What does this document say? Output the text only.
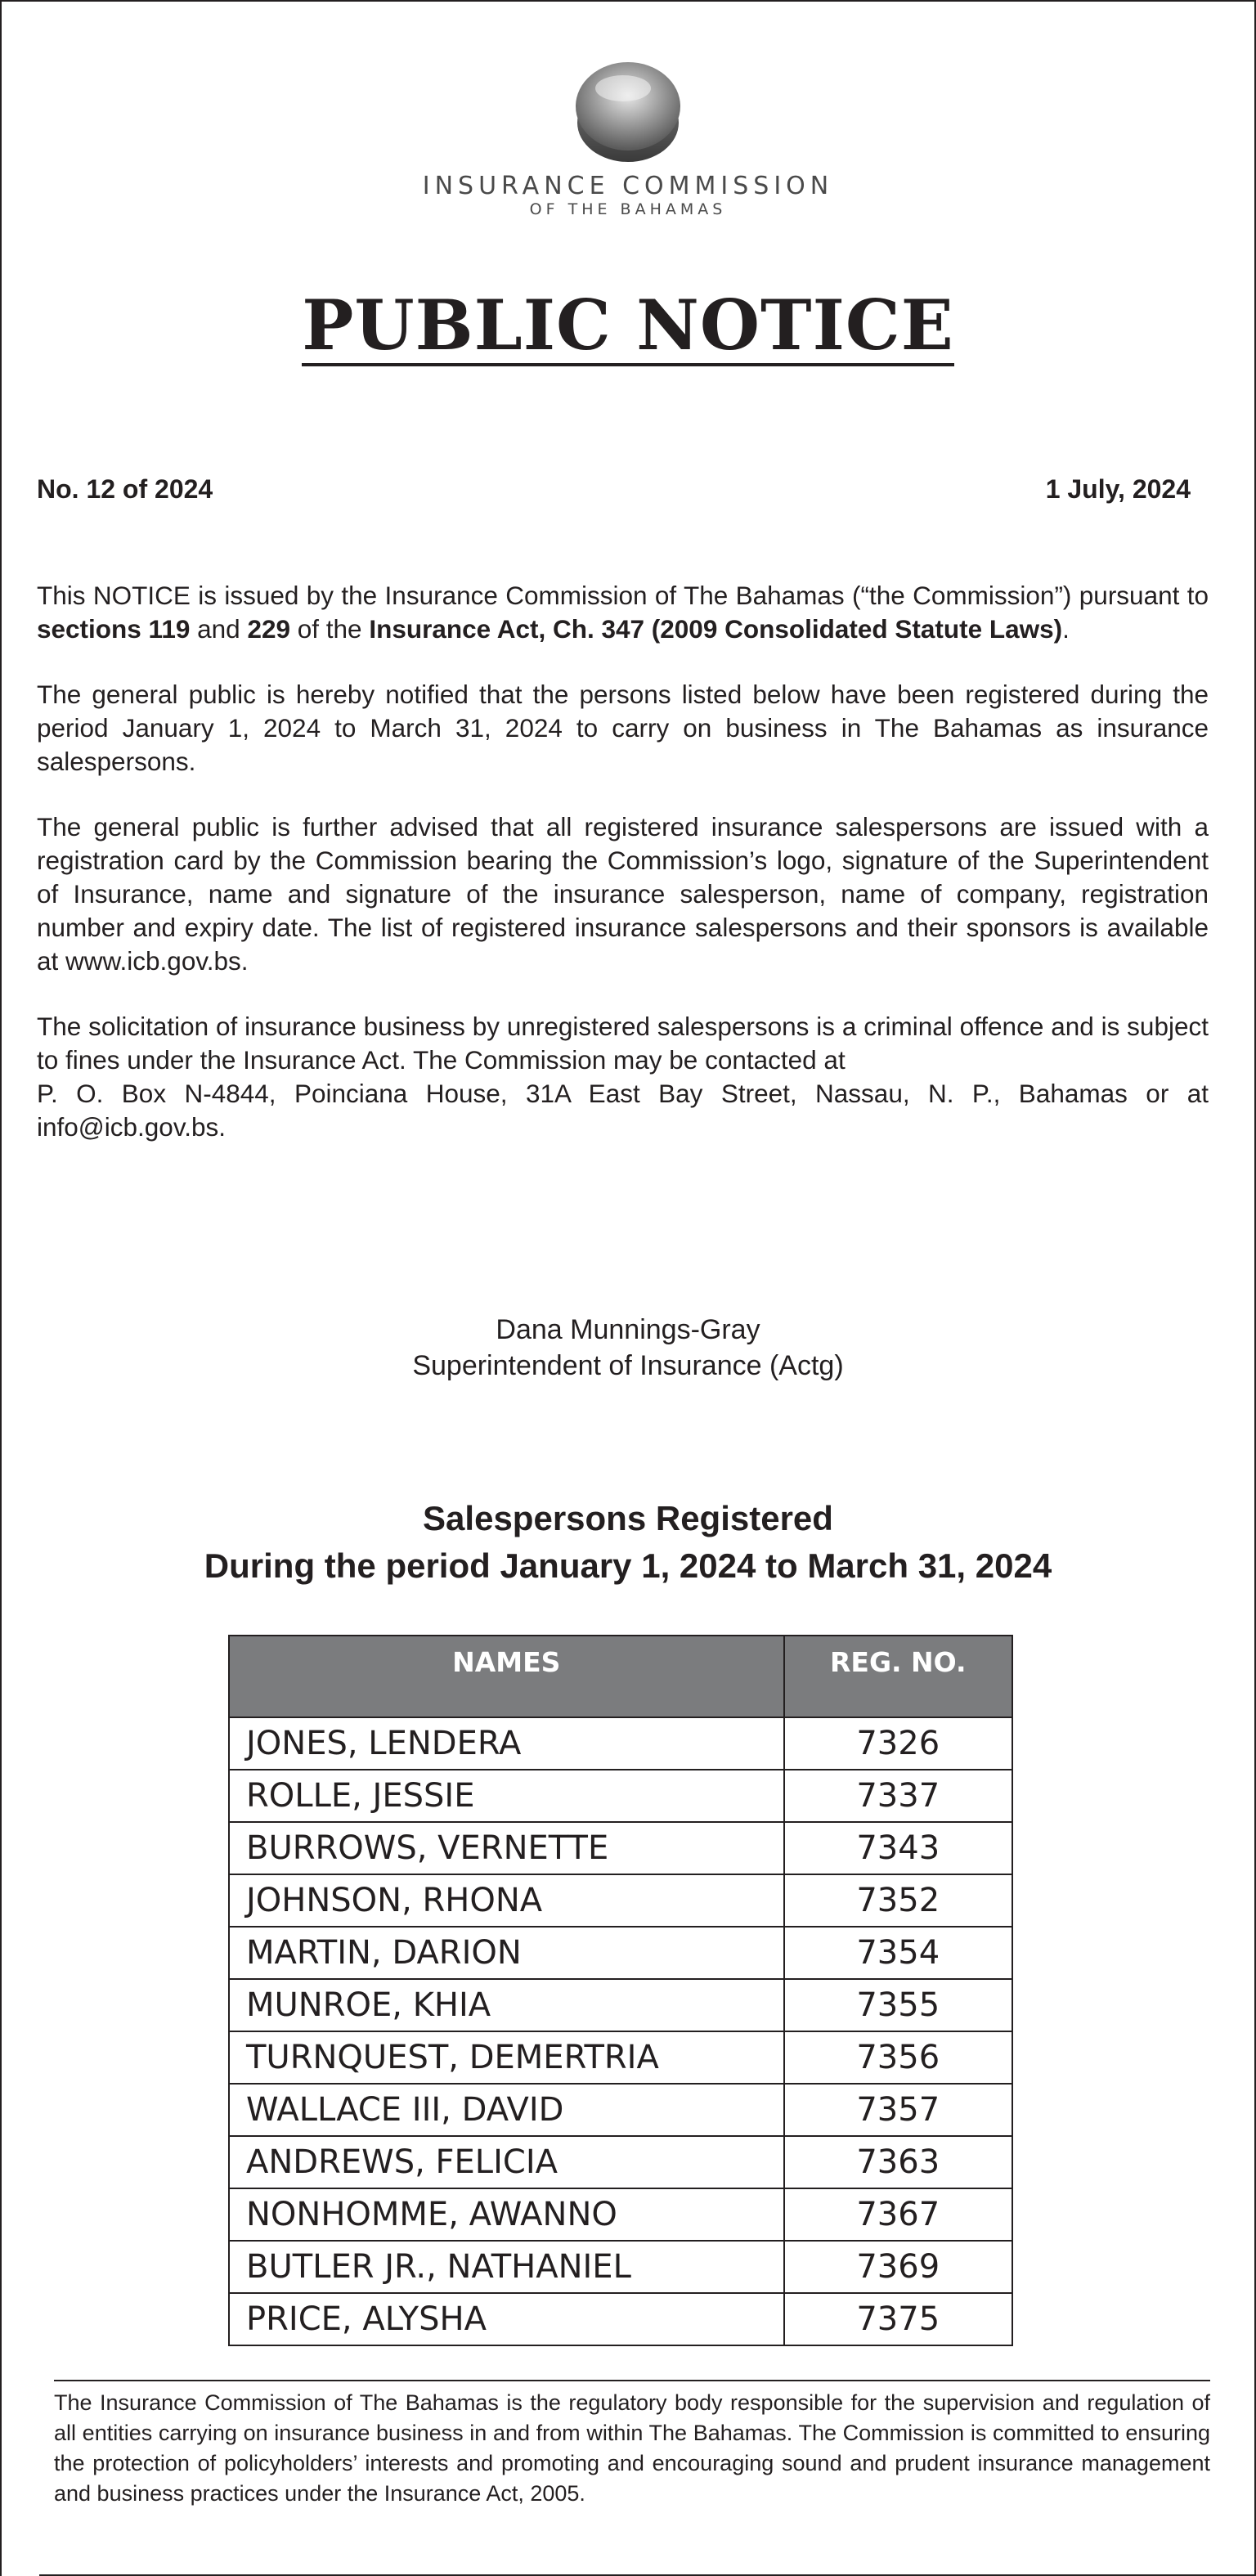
INSURANCE COMMISSION
OF THE BAHAMAS
PUBLIC NOTICE
No. 12 of 2024	1 July, 2024

This NOTICE is issued by the Insurance Commission of The Bahamas (“the Commission”) pursuant to sections 119 and 229 of the Insurance Act, Ch. 347 (2009 Consolidated Statute Laws).

The general public is hereby notified that the persons listed below have been registered during the period January 1, 2024 to March 31, 2024 to carry on business in The Bahamas as insurance salespersons.

The general public is further advised that all registered insurance salespersons are issued with a registration card by the Commission bearing the Commission’s logo, signature of the Superintendent of Insurance, name and signature of the insurance salesperson, name of company, registration number and expiry date. The list of registered insurance salespersons and their sponsors is available at www.icb.gov.bs.

The solicitation of insurance business by unregistered salespersons is a criminal offence and is subject to fines under the Insurance Act. The Commission may be contacted at
P. O. Box N-4844, Poinciana House, 31A East Bay Street, Nassau, N. P., Bahamas or at info@icb.gov.bs.

Dana Munnings-Gray
Superintendent of Insurance (Actg)
Salespersons Registered
During the period January 1, 2024 to March 31, 2024
NAMES	REG. NO.
JONES, LENDERA	7326
ROLLE, JESSIE	7337
BURROWS, VERNETTE	7343
JOHNSON, RHONA	7352
MARTIN, DARION	7354
MUNROE, KHIA	7355
TURNQUEST, DEMERTRIA	7356
WALLACE III, DAVID	7357
ANDREWS, FELICIA	7363
NONHOMME, AWANNO	7367
BUTLER JR., NATHANIEL	7369
PRICE, ALYSHA	7375
The Insurance Commission of The Bahamas is the regulatory body responsible for the supervision and regulation of all entities carrying on insurance business in and from within The Bahamas. The Commission is committed to ensuring the protection of policyholders’ interests and promoting and encouraging sound and prudent insurance management and business practices under the Insurance Act, 2005.
